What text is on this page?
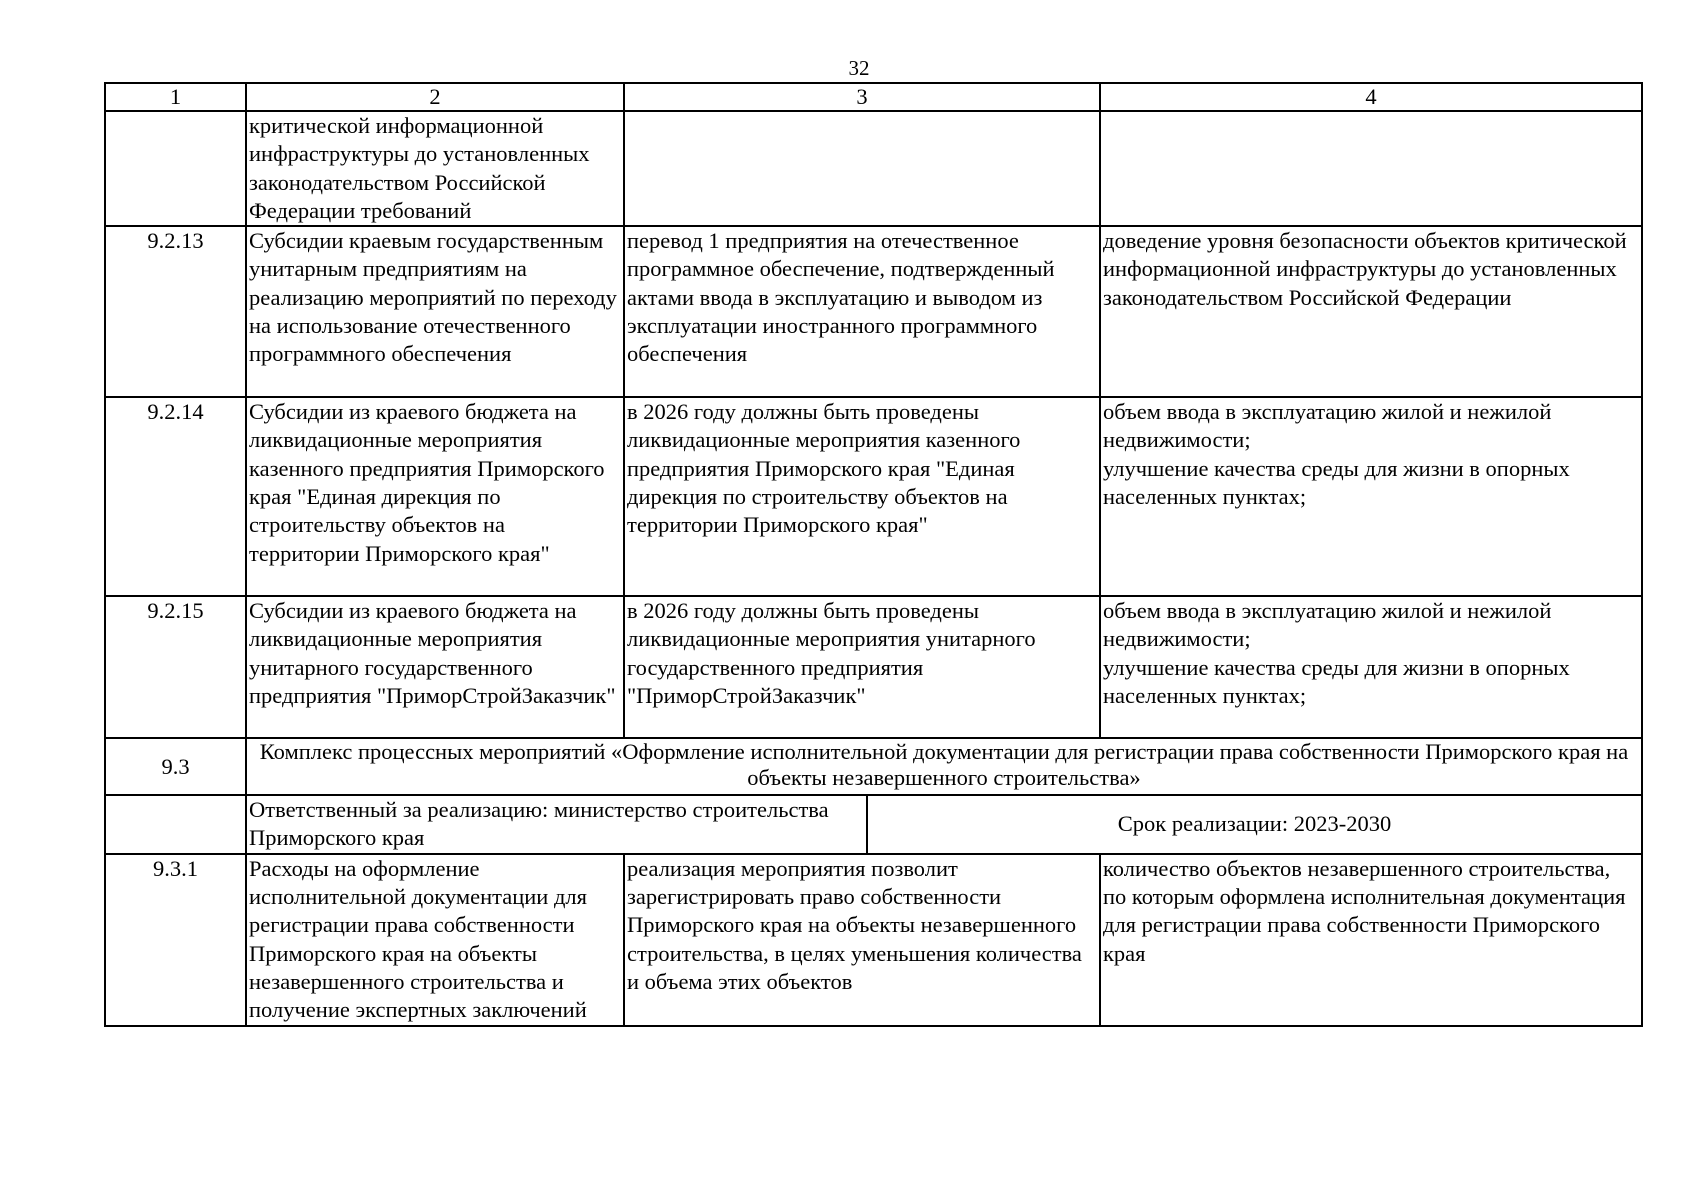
32
1	2	3	4
	критической информационной инфраструктуры до установленных законодательством Российской Федерации требований		
9.2.13	Субсидии краевым государственным унитарным предприятиям на реализацию мероприятий по переходу на использование отечественного программного обеспечения	перевод 1 предприятия на отечественное программное обеспечение, подтвержденный актами ввода в эксплуатацию и выводом из эксплуатации иностранного программного обеспечения	доведение уровня безопасности объектов критической информационной инфраструктуры до установленных законодательством Российской Федерации
9.2.14	Субсидии из краевого бюджета на ликвидационные мероприятия казенного предприятия Приморского края "Единая дирекция по строительству объектов на территории Приморского края"	в 2026 году должны быть проведены ликвидационные мероприятия казенного предприятия Приморского края "Единая дирекция по строительству объектов на территории Приморского края"	объем ввода в эксплуатацию жилой и нежилой недвижимости;
улучшение качества среды для жизни в опорных населенных пунктах;
9.2.15	Субсидии из краевого бюджета на ликвидационные мероприятия унитарного государственного предприятия "ПриморСтройЗаказчик"	в 2026 году должны быть проведены ликвидационные мероприятия унитарного государственного предприятия "ПриморСтройЗаказчик"	объем ввода в эксплуатацию жилой и нежилой недвижимости;
улучшение качества среды для жизни в опорных населенных пунктах;
9.3	Комплекс процессных мероприятий «Оформление исполнительной документации для регистрации права собственности Приморского края на объекты незавершенного строительства»

Ответственный за реализацию: министерство строительства Приморского края	Срок реализации: 2023-2030

9.3.1	Расходы на оформление исполнительной документации для регистрации права собственности Приморского края на объекты незавершенного строительства и получение экспертных заключений	реализация мероприятия позволит зарегистрировать право собственности Приморского края на объекты незавершенного строительства, в целях уменьшения количества и объема этих объектов	количество объектов незавершенного строительства, по которым оформлена исполнительная документация для регистрации права собственности Приморского края
